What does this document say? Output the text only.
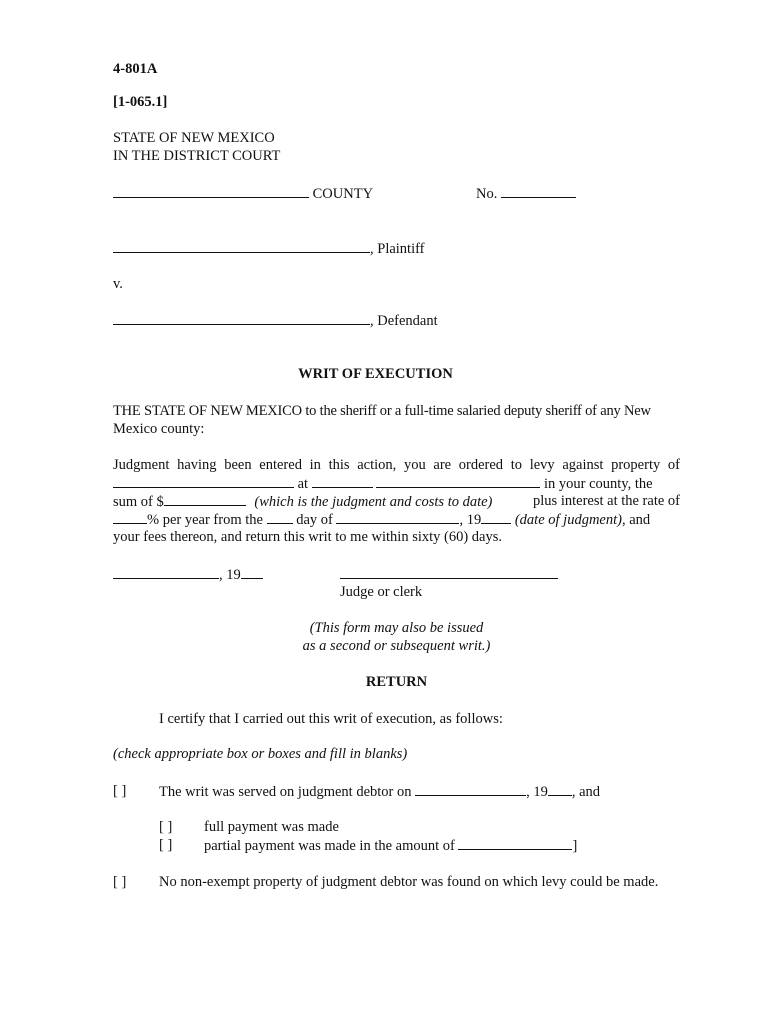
4-801A
[1-065.1]
STATE OF NEW MEXICO
IN THE DISTRICT COURT
COUNTY	No.
, Plaintiff
v.
, Defendant
WRIT OF EXECUTION
THE STATE OF NEW MEXICO to the sheriff or a full-time salaried deputy sheriff of any New
Mexico county:
Judgment having been entered in this action, you are ordered to levy against property of
at	in your county, the
sum of $	(which is the judgment and costs to date)	plus interest at the rate of
% per year from the day of	, 19 (date of judgment), and
your fees thereon, and return this writ to me within sixty (60) days.
, 19
Judge or clerk
(This form may also be issued
as a second or subsequent writ.)
RETURN
I certify that I carried out this writ of execution, as follows:
(check appropriate box or boxes and fill in blanks)
[ ] The writ was served on judgment debtor on	, 19 , and
[ ] full payment was made
[ ] partial payment was made in the amount of	]
[ ] No non-exempt property of judgment debtor was found on which levy could be made.
